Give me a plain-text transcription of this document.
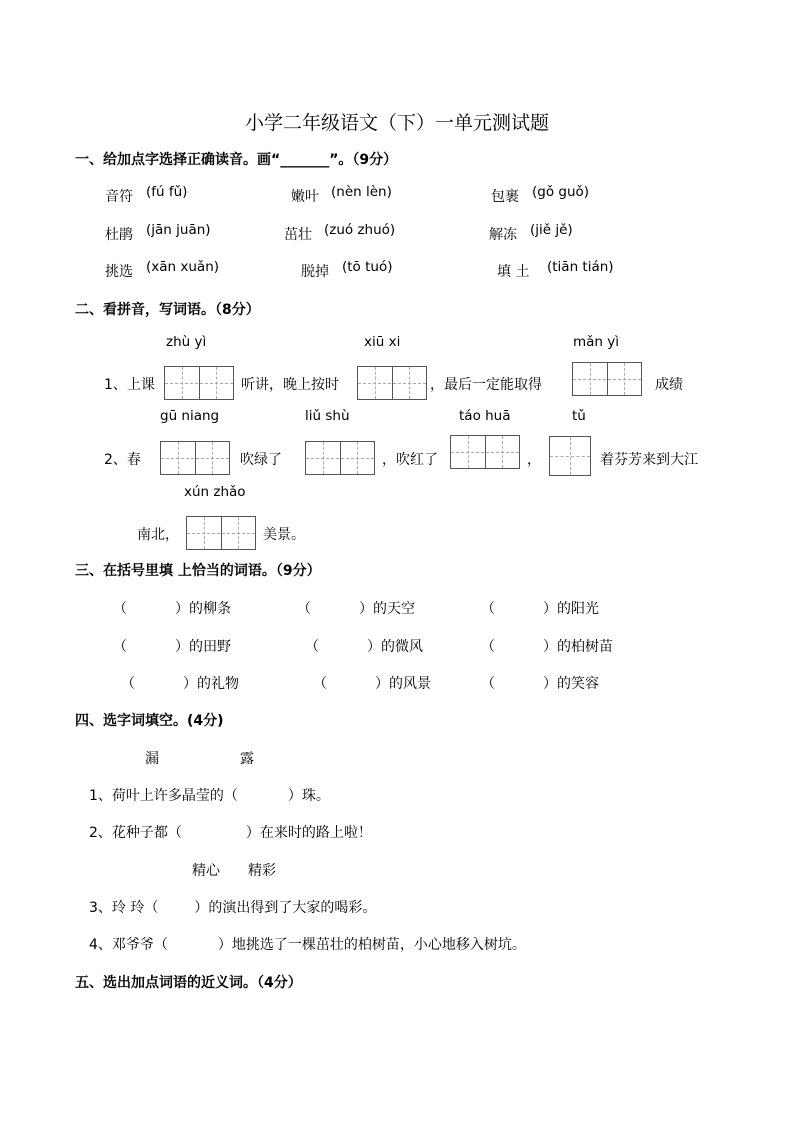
小学二年级语文（下）一单元测试题
一、给加点字选择正确读音。画“_______”。（9分）
音符 (fú fǔ)	嫩叶 (nèn lèn)	包裹 (gǒ guǒ)
杜鹃 (jān juān)	茁壮 (zuó zhuó)	解冻 (jiě jě)
挑选 (xān xuǎn)	脱掉 (tō tuó)	填 土 (tiān tián)
二、看拼音，写词语。（8分）
zhù yì	xiū xi	mǎn yì
1、上课	听讲，晚上按时	，最后一定能取得	成绩
gū niang	liǔ shù	táo huā	tǔ
2、春	吹绿了	，吹红了	，	着芬芳来到大江
xún zhǎo
南北，	美景。
三、在括号里填 上恰当的词语。（9分）
（	）的柳条	（	）的天空	（	）的阳光
（	）的田野	（	）的微风	（	）的柏树苗
（	）的礼物	（	）的风景	（	）的笑容
四、选字词填空。(4分)
漏	露
1、荷叶上许多晶莹的（	）珠。
2、花种子都（	）在来时的路上啦！
精心 精彩
3、玲 玲（	）的演出得到了大家的喝彩。
4、邓爷爷（	）地挑选了一棵茁壮的柏树苗，小心地移入树坑。
五、选出加点词语的近义词。（4分）
